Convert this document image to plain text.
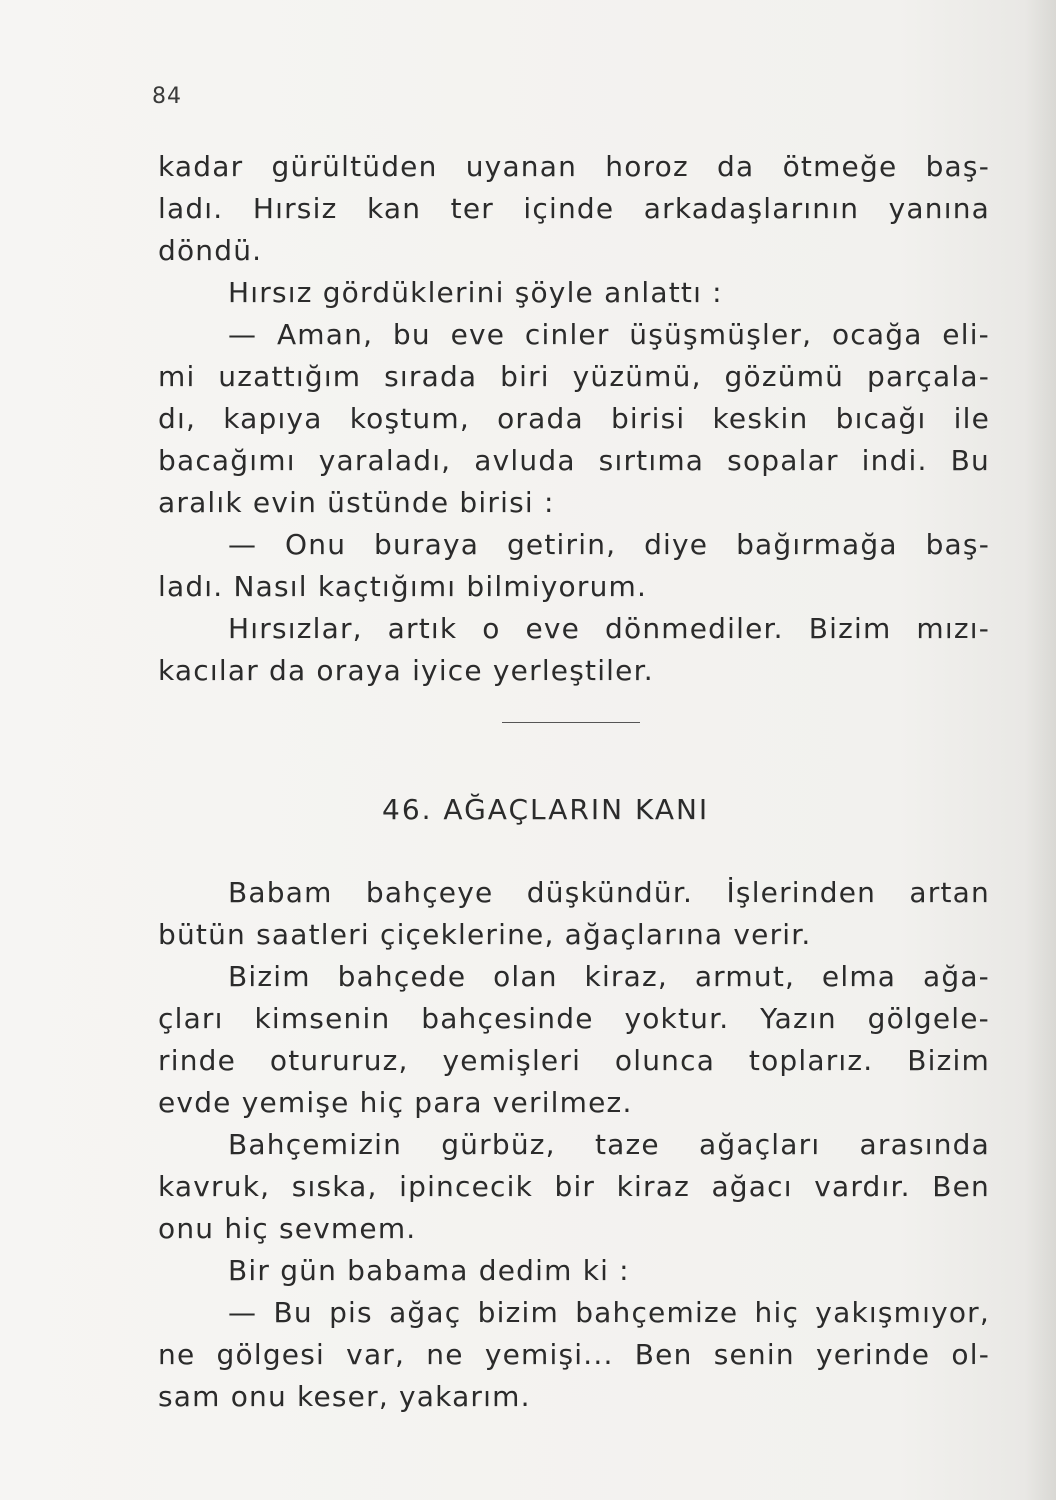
84
kadar gürültüden uyanan horoz da ötmeğe baş-
ladı. Hırsiz kan ter içinde arkadaşlarının yanına
döndü.
Hırsız gördüklerini şöyle anlattı :
— Aman, bu eve cinler üşüşmüşler, ocağa eli-
mi uzattığım sırada biri yüzümü, gözümü parçala-
dı, kapıya koştum, orada birisi keskin bıcağı ile
bacağımı yaraladı, avluda sırtıma sopalar indi. Bu
aralık evin üstünde birisi :
— Onu buraya getirin, diye bağırmağa baş-
ladı. Nasıl kaçtığımı bilmiyorum.
Hırsızlar, artık o eve dönmediler. Bizim mızı-
kacılar da oraya iyice yerleştiler.
46. AĞAÇLARIN KANI
Babam bahçeye düşkündür. İşlerinden artan
bütün saatleri çiçeklerine, ağaçlarına verir.
Bizim bahçede olan kiraz, armut, elma ağa-
çları kimsenin bahçesinde yoktur. Yazın gölgele-
rinde otururuz, yemişleri olunca toplarız. Bizim
evde yemişe hiç para verilmez.
Bahçemizin gürbüz, taze ağaçları arasında
kavruk, sıska, ipincecik bir kiraz ağacı vardır. Ben
onu hiç sevmem.
Bir gün babama dedim ki :
— Bu pis ağaç bizim bahçemize hiç yakışmıyor,
ne gölgesi var, ne yemişi... Ben senin yerinde ol-
sam onu keser, yakarım.
